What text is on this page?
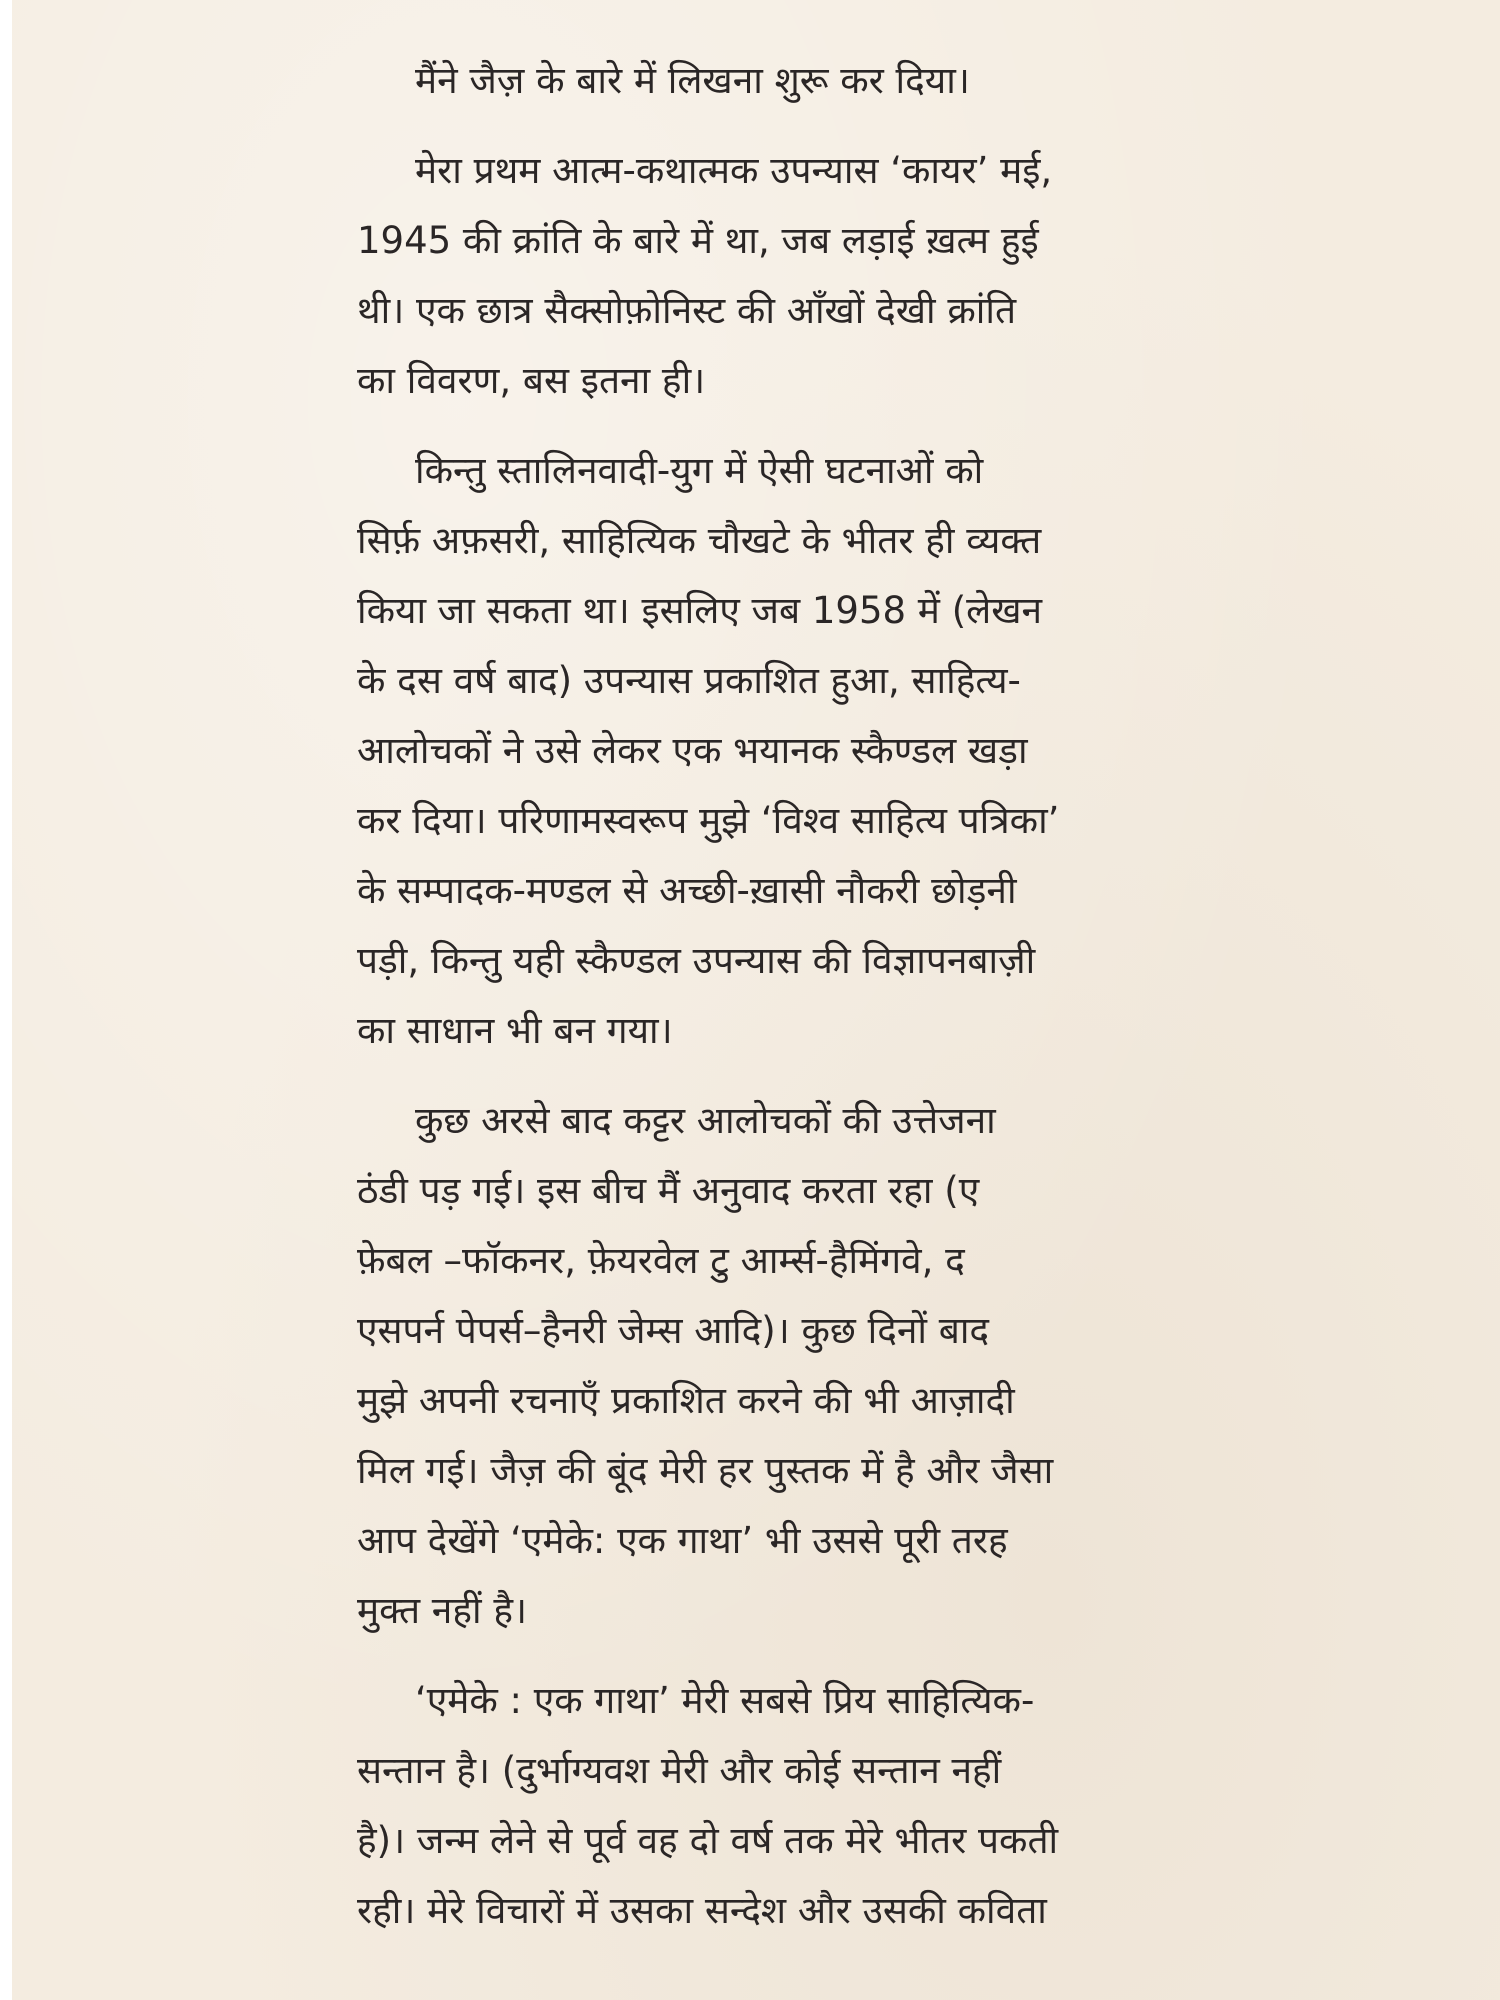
मैंने जैज़ के बारे में लिखना शुरू कर दिया।
मेरा प्रथम आत्म-कथात्मक उपन्यास ‘कायर’ मई,
1945 की क्रांति के बारे में था, जब लड़ाई ख़त्म हुई
थी। एक छात्र सैक्सोफ़ोनिस्ट की आँखों देखी क्रांति
का विवरण, बस इतना ही।
किन्तु स्तालिनवादी-युग में ऐसी घटनाओं को
सिर्फ़ अफ़सरी, साहित्यिक चौखटे के भीतर ही व्यक्त
किया जा सकता था। इसलिए जब 1958 में (लेखन
के दस वर्ष बाद) उपन्यास प्रकाशित हुआ, साहित्य-
आलोचकों ने उसे लेकर एक भयानक स्कैण्डल खड़ा
कर दिया। परिणामस्वरूप मुझे ‘विश्व साहित्य पत्रिका’
के सम्पादक-मण्डल से अच्छी-ख़ासी नौकरी छोड़नी
पड़ी, किन्तु यही स्कैण्डल उपन्यास की विज्ञापनबाज़ी
का साधान भी बन गया।
कुछ अरसे बाद कट्टर आलोचकों की उत्तेजना
ठंडी पड़ गई। इस बीच मैं अनुवाद करता रहा (ए
फ़ेबल –फॉकनर, फ़ेयरवेल टु आर्म्स-हैमिंगवे, द
एसपर्न पेपर्स–हैनरी जेम्स आदि)। कुछ दिनों बाद
मुझे अपनी रचनाएँ प्रकाशित करने की भी आज़ादी
मिल गई। जैज़ की बूंद मेरी हर पुस्तक में है और जैसा
आप देखेंगे ‘एमेके: एक गाथा’ भी उससे पूरी तरह
मुक्त नहीं है।
‘एमेके : एक गाथा’ मेरी सबसे प्रिय साहित्यिक-
सन्तान है। (दुर्भाग्यवश मेरी और कोई सन्तान नहीं
है)। जन्म लेने से पूर्व वह दो वर्ष तक मेरे भीतर पकती
रही। मेरे विचारों में उसका सन्देश और उसकी कविता
